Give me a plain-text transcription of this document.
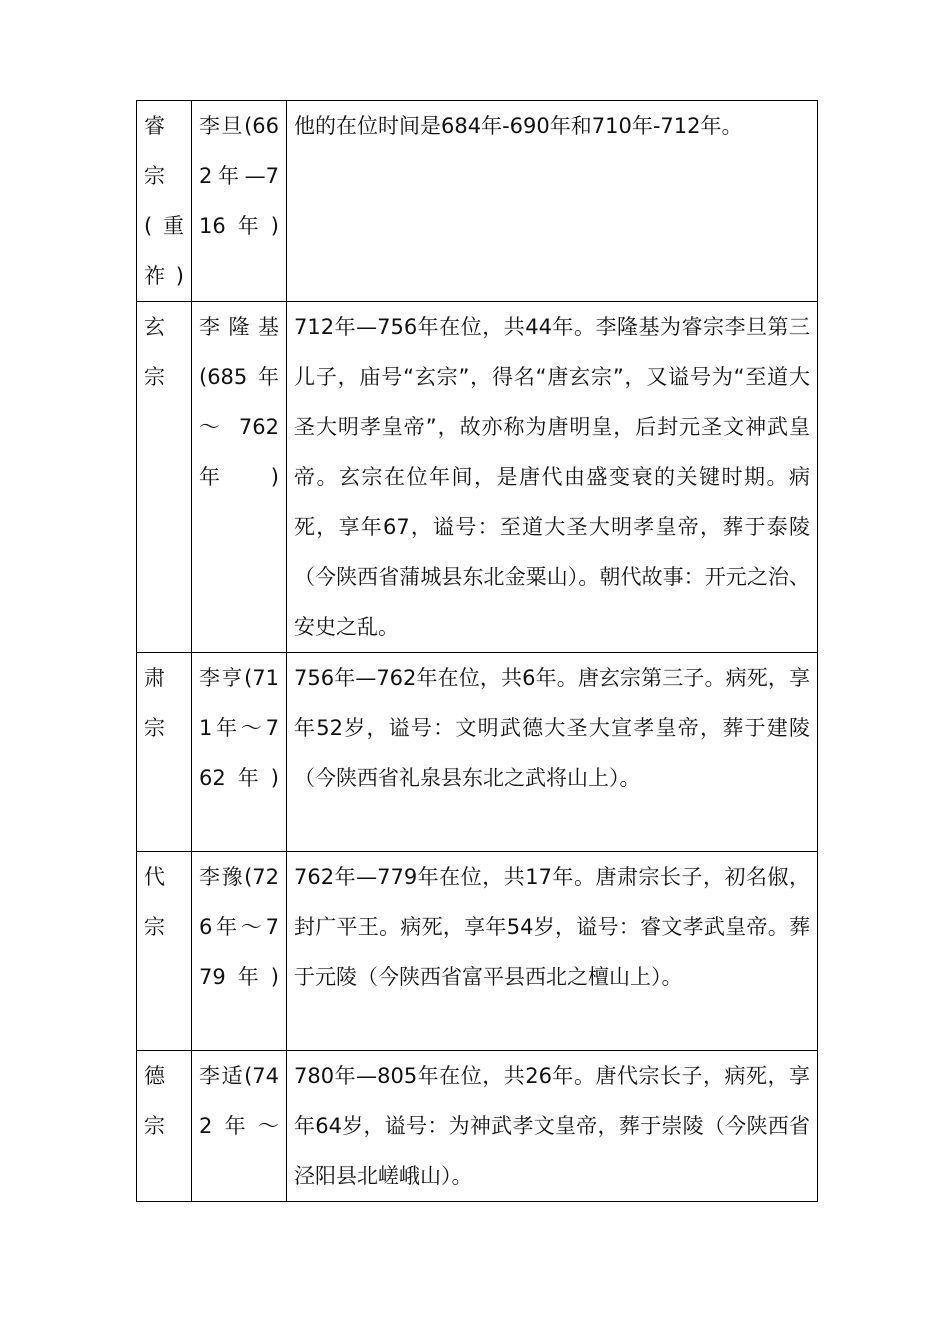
睿宗(重祚)	李旦(662年—716年)	他的在位时间是684年-690年和710年-712年。

玄宗	李隆基(685年～762年)	712年—756年在位，共44年。李隆基为睿宗李旦第三儿子，庙号“玄宗”，得名“唐玄宗”，又谥号为“至道大圣大明孝皇帝”，故亦称为唐明皇，后封元圣文神武皇帝。玄宗在位年间，是唐代由盛变衰的关键时期。病死，享年67，谥号：至道大圣大明孝皇帝，葬于泰陵（今陕西省蒲城县东北金粟山）。朝代故事：开元之治、安史之乱。

肃宗	李亨(711年～762年)	756年—762年在位，共6年。唐玄宗第三子。病死，享年52岁，谥号：文明武德大圣大宣孝皇帝，葬于建陵（今陕西省礼泉县东北之武将山上）。

代宗	李豫(726年～779年)	762年—779年在位，共17年。唐肃宗长子，初名俶，封广平王。病死，享年54岁，谥号：睿文孝武皇帝。葬于元陵（今陕西省富平县西北之檀山上）。

德宗	李适(742年～	780年—805年在位，共26年。唐代宗长子，病死，享年64岁，谥号：为神武孝文皇帝，葬于崇陵（今陕西省泾阳县北嵯峨山）。
